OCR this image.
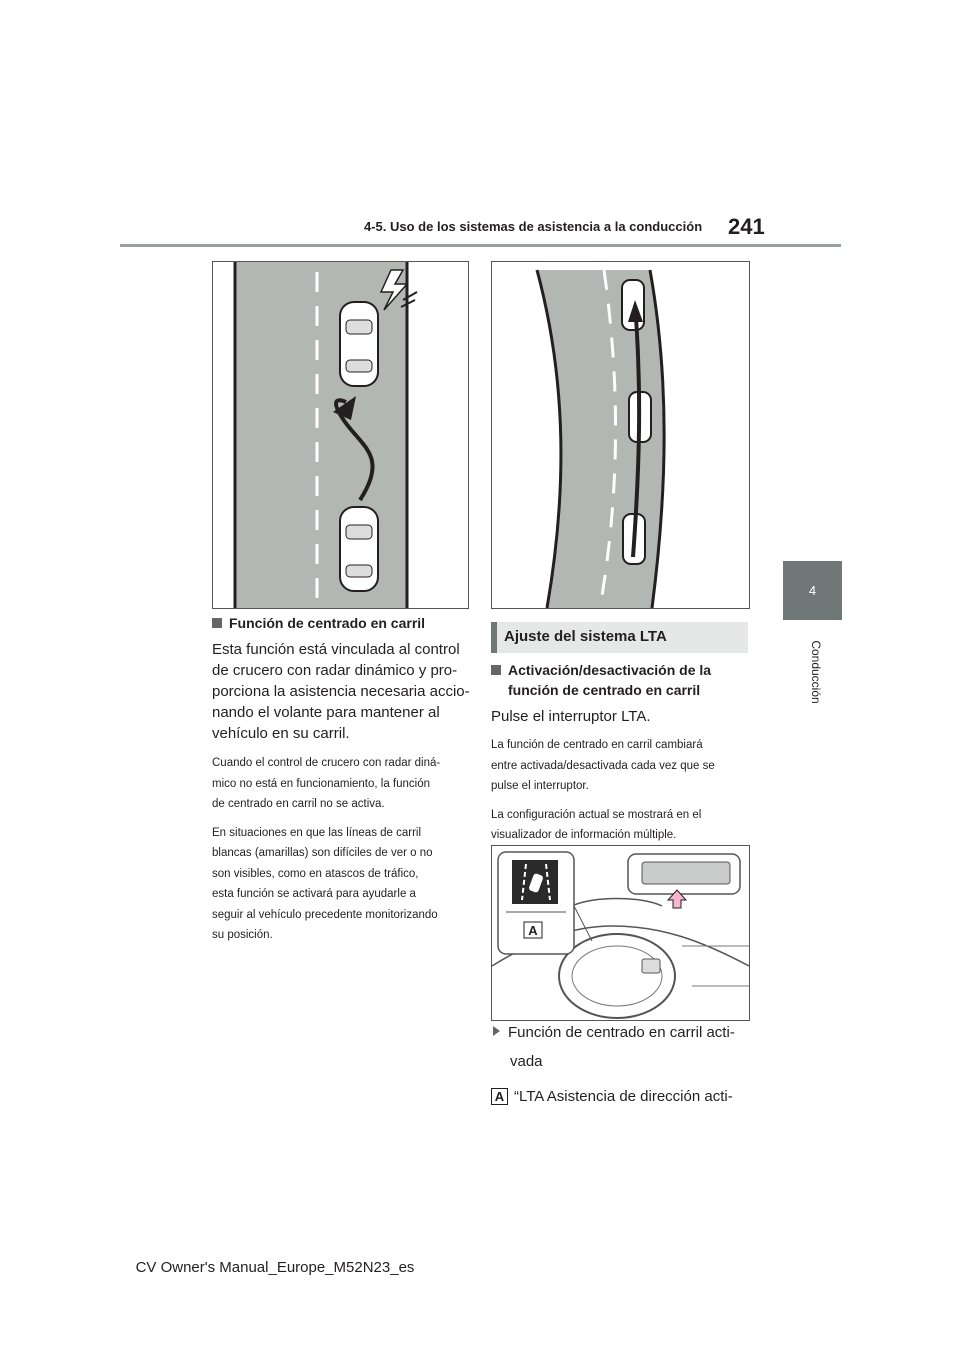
4-5. Uso de los sistemas de asistencia a la conducción 241
4
Conducción
Función de centrado en carril
Esta función está vinculada al control
de crucero con radar dinámico y pro-
porciona la asistencia necesaria accio-
nando el volante para mantener al
vehículo en su carril.
Cuando el control de crucero con radar diná-
mico no está en funcionamiento, la función
de centrado en carril no se activa.
En situaciones en que las líneas de carril
blancas (amarillas) son difíciles de ver o no
son visibles, como en atascos de tráfico,
esta función se activará para ayudarle a
seguir al vehículo precedente monitorizando
su posición.
Ajuste del sistema LTA
Activación/desactivación de la
función de centrado en carril
Pulse el interruptor LTA.
La función de centrado en carril cambiará
entre activada/desactivada cada vez que se
pulse el interruptor.
La configuración actual se mostrará en el
visualizador de información múltiple.
A
Función de centrado en carril acti-
vada
A “LTA Asistencia de dirección acti-
CV Owner's Manual_Europe_M52N23_es
